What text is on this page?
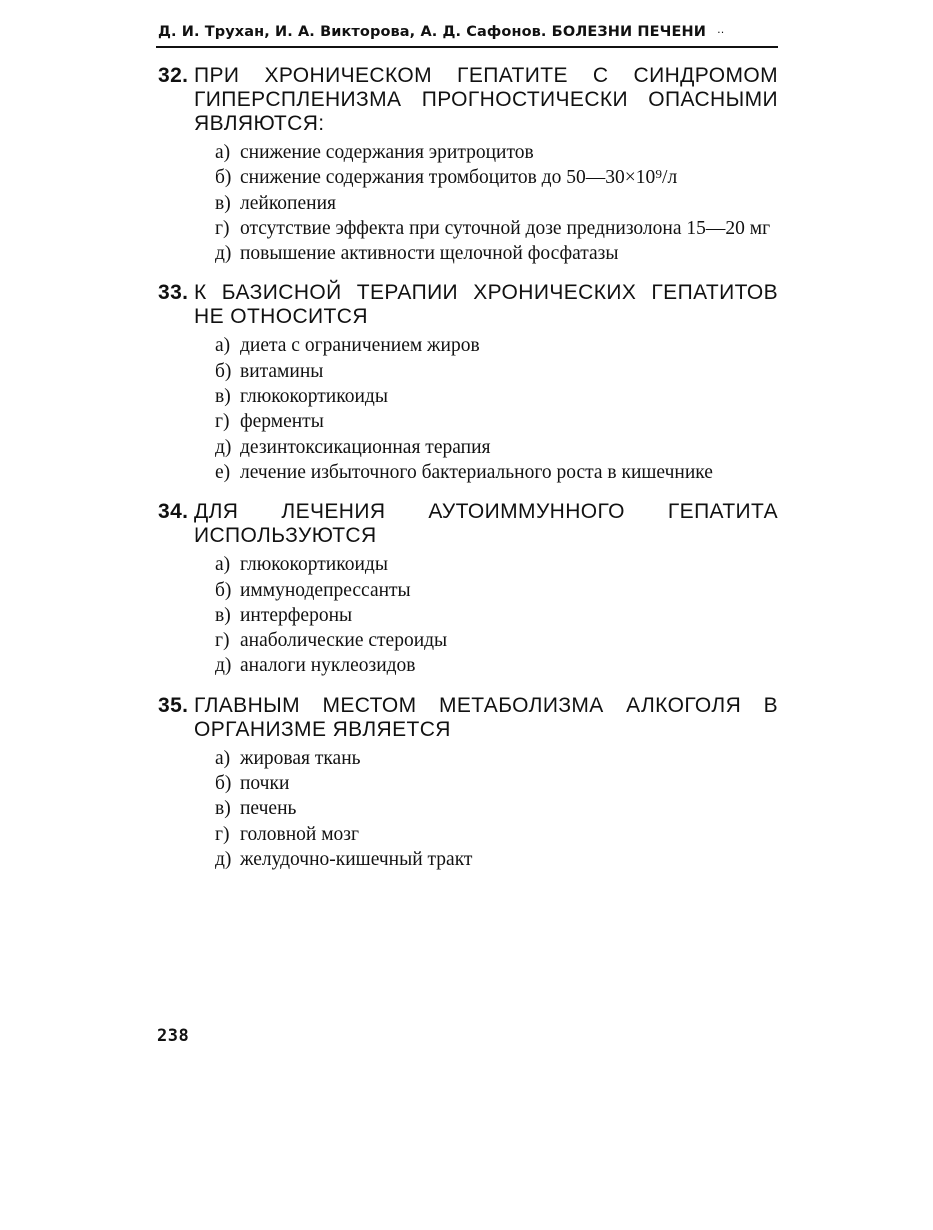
Д. И. Трухан, И. А. Викторова, А. Д. Сафонов. БОЛЕЗНИ ПЕЧЕНИ ··
32. ПРИ ХРОНИЧЕСКОМ ГЕПАТИТЕ С СИНДРОМОМ ГИПЕРСПЛЕНИЗМА ПРОГНОСТИЧЕСКИ ОПАСНЫМИ ЯВЛЯЮТСЯ:
а) снижение содержания эритроцитов
б) снижение содержания тромбоцитов до 50—30×10⁹/л
в) лейкопения
г) отсутствие эффекта при суточной дозе преднизолона 15—20 мг
д) повышение активности щелочной фосфатазы
33. К БАЗИСНОЙ ТЕРАПИИ ХРОНИЧЕСКИХ ГЕПАТИТОВ НЕ ОТНОСИТСЯ
а) диета с ограничением жиров
б) витамины
в) глюкокортикоиды
г) ферменты
д) дезинтоксикационная терапия
е) лечение избыточного бактериального роста в кишечнике
34. ДЛЯ ЛЕЧЕНИЯ АУТОИММУННОГО ГЕПАТИТА ИСПОЛЬЗУЮТСЯ
а) глюкокортикоиды
б) иммунодепрессанты
в) интерфероны
г) анаболические стероиды
д) аналоги нуклеозидов
35. ГЛАВНЫМ МЕСТОМ МЕТАБОЛИЗМА АЛКОГОЛЯ В ОРГАНИЗМЕ ЯВЛЯЕТСЯ
а) жировая ткань
б) почки
в) печень
г) головной мозг
д) желудочно-кишечный тракт
238
